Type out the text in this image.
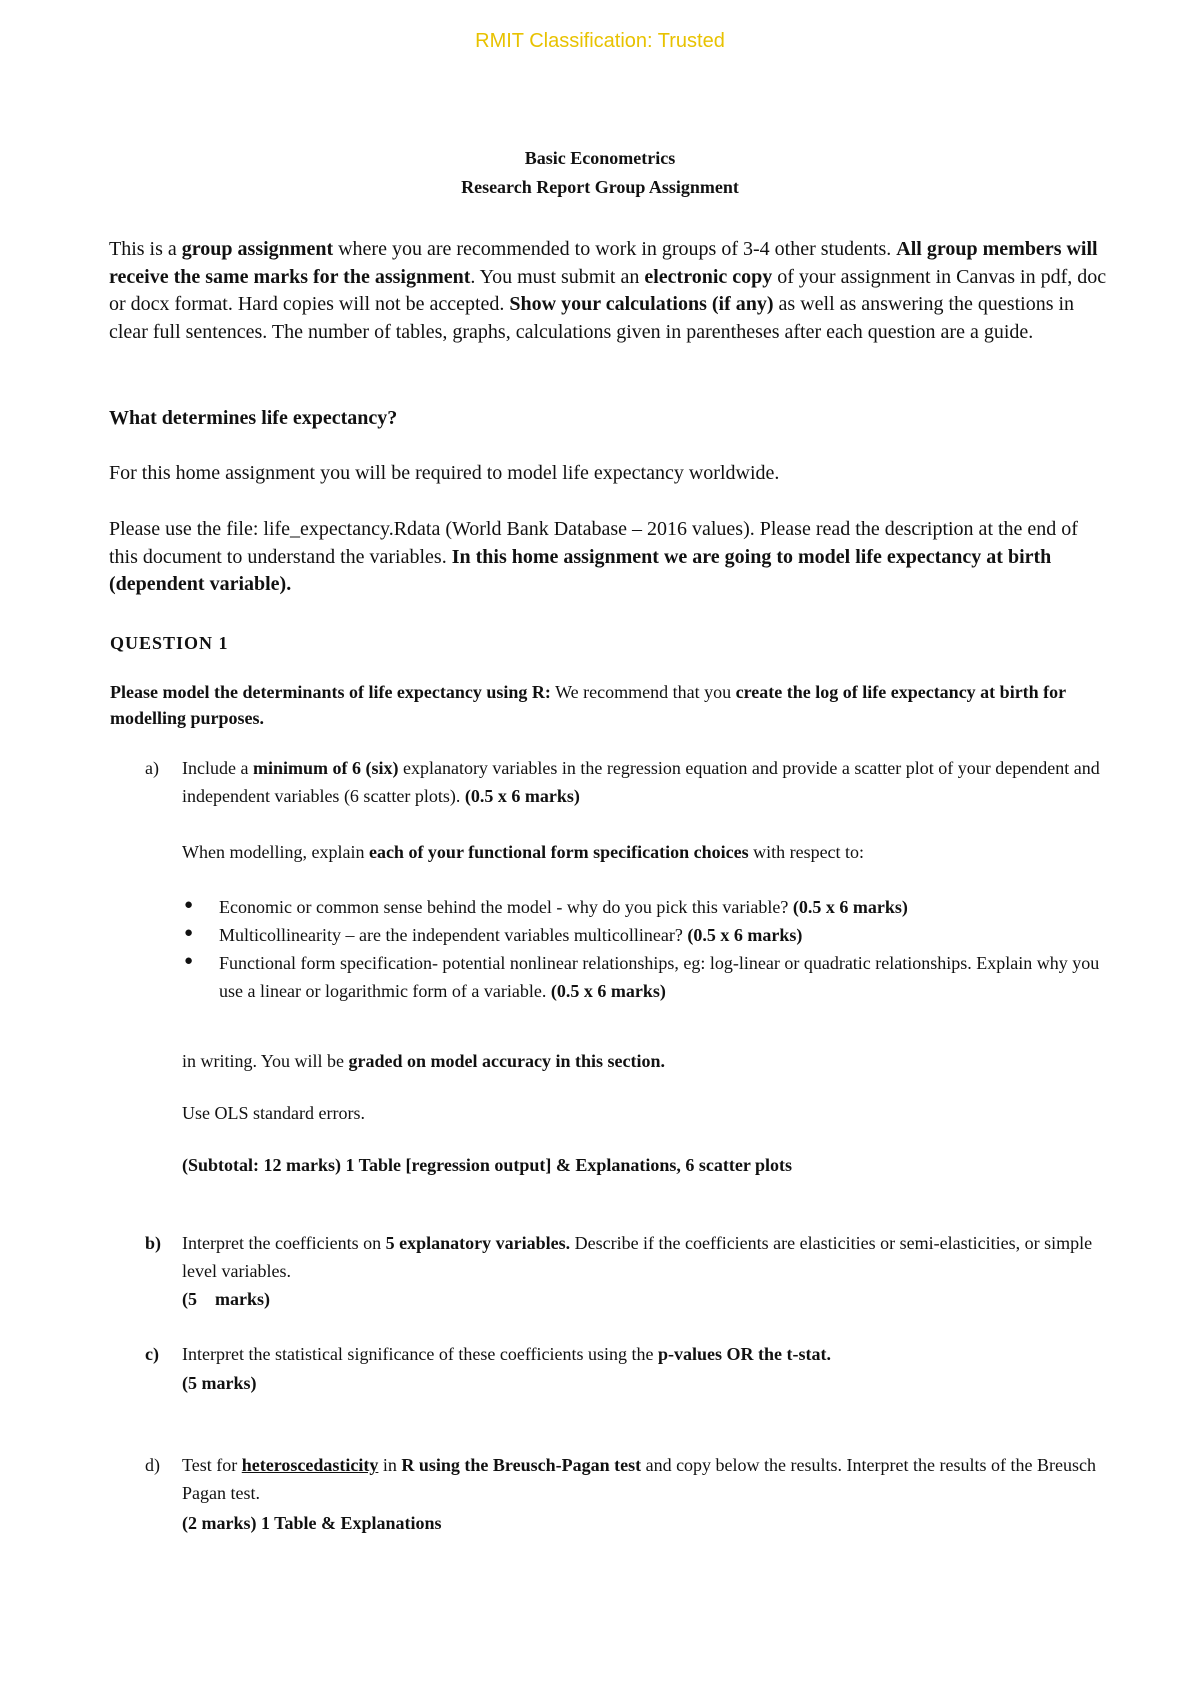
RMIT Classification: Trusted
Basic Econometrics
Research Report Group Assignment
This is a group assignment where you are recommended to work in groups of 3-4 other students. All group members will receive the same marks for the assignment. You must submit an electronic copy of your assignment in Canvas in pdf, doc or docx format. Hard copies will not be accepted. Show your calculations (if any) as well as answering the questions in clear full sentences. The number of tables, graphs, calculations given in parentheses after each question are a guide.
What determines life expectancy?
For this home assignment you will be required to model life expectancy worldwide.
Please use the file: life_expectancy.Rdata (World Bank Database – 2016 values). Please read the description at the end of this document to understand the variables. In this home assignment we are going to model life expectancy at birth (dependent variable).
QUESTION 1
Please model the determinants of life expectancy using R: We recommend that you create the log of life expectancy at birth for modelling purposes.
a) Include a minimum of 6 (six) explanatory variables in the regression equation and provide a scatter plot of your dependent and independent variables (6 scatter plots). (0.5 x 6 marks)
When modelling, explain each of your functional form specification choices with respect to:
● Economic or common sense behind the model - why do you pick this variable? (0.5 x 6 marks)
● Multicollinearity – are the independent variables multicollinear? (0.5 x 6 marks)
● Functional form specification- potential nonlinear relationships, eg: log-linear or quadratic relationships. Explain why you use a linear or logarithmic form of a variable. (0.5 x 6 marks)
in writing. You will be graded on model accuracy in this section.
Use OLS standard errors.
(Subtotal: 12 marks) 1 Table [regression output] & Explanations, 6 scatter plots
b) Interpret the coefficients on 5 explanatory variables. Describe if the coefficients are elasticities or semi-elasticities, or simple level variables.
(5    marks)
c) Interpret the statistical significance of these coefficients using the p-values OR the t-stat.
(5 marks)
d) Test for heteroscedasticity in R using the Breusch-Pagan test and copy below the results. Interpret the results of the Breusch Pagan test.
(2 marks) 1 Table & Explanations
